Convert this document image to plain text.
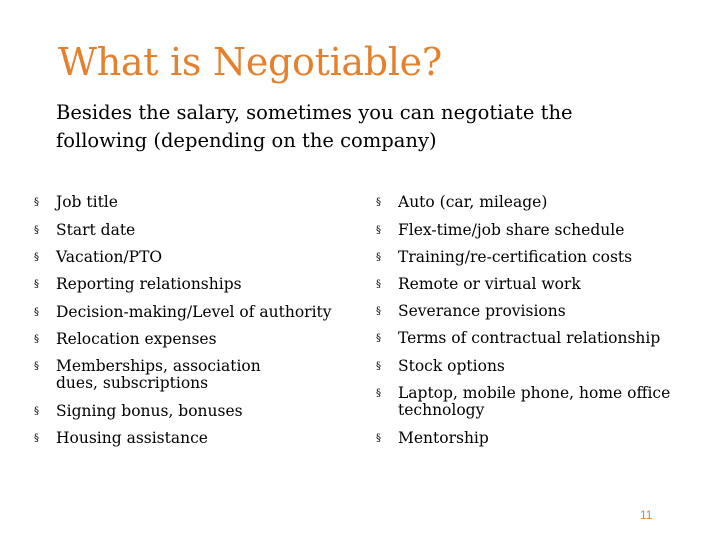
What is Negotiable?
Besides the salary, sometimes you can negotiate the following (depending on the company)
§	Job title
§	Start date
§	Vacation/PTO
§	Reporting relationships
§	Decision-making/Level of authority
§	Relocation expenses
§	Memberships, association dues, subscriptions
§	Signing bonus, bonuses
§	Housing assistance
§	Auto (car, mileage)
§	Flex-time/job share schedule
§	Training/re-certification costs
§	Remote or virtual work
§	Severance provisions
§	Terms of contractual relationship
§	Stock options
§	Laptop, mobile phone, home office technology
§	Mentorship
11
